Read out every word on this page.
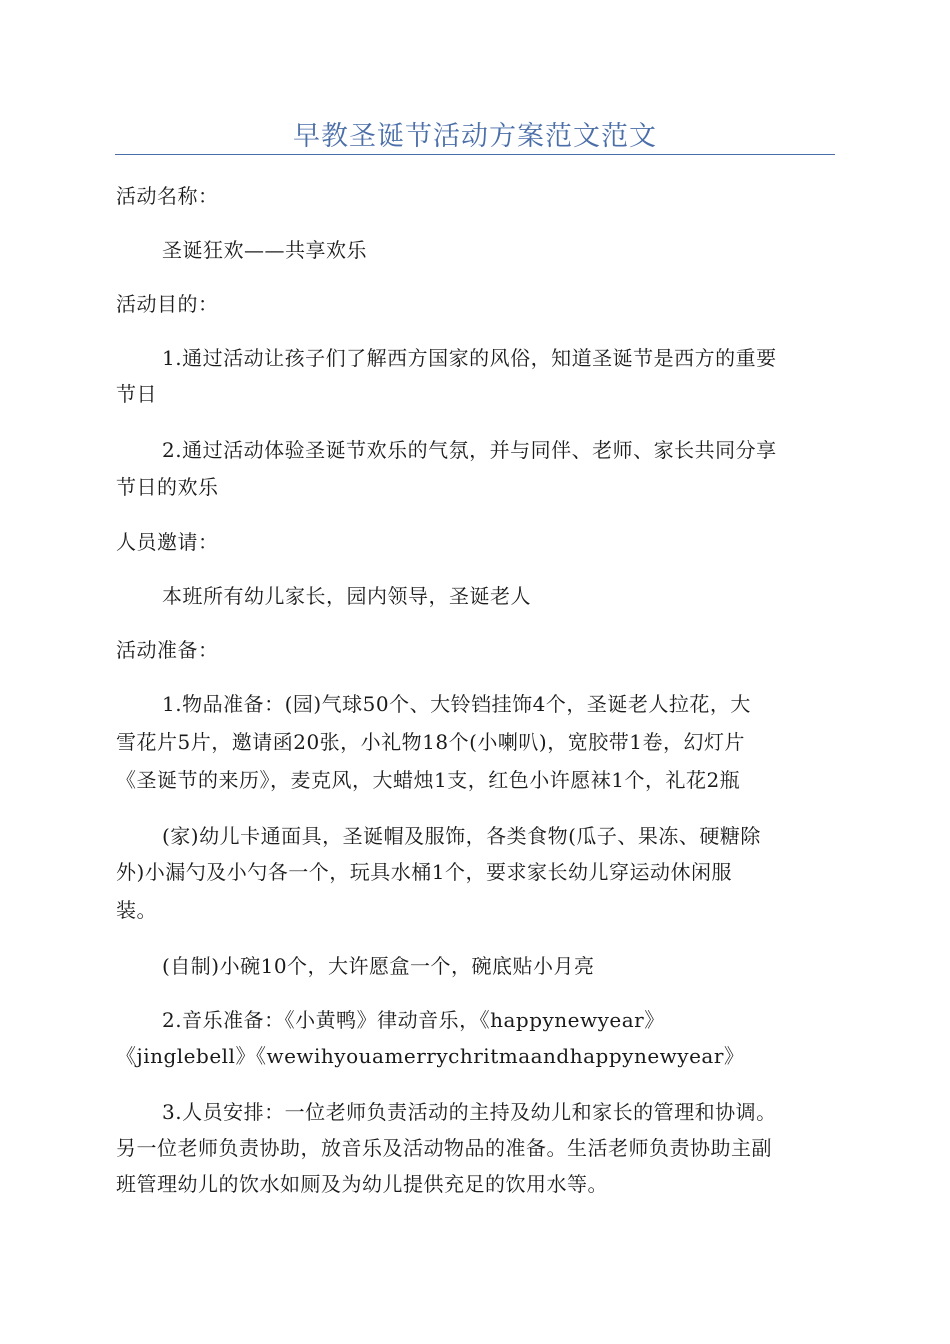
早教圣诞节活动方案范文范文
活动名称：
圣诞狂欢——共享欢乐
活动目的：
1.通过活动让孩子们了解西方国家的风俗，知道圣诞节是西方的重要
节日
2.通过活动体验圣诞节欢乐的气氛，并与同伴、老师、家长共同分享
节日的欢乐
人员邀请：
本班所有幼儿家长，园内领导，圣诞老人
活动准备：
1.物品准备：(园)气球50个、大铃铛挂饰4个，圣诞老人拉花，大
雪花片5片，邀请函20张，小礼物18个(小喇叭)，宽胶带1卷，幻灯片
《圣诞节的来历》，麦克风，大蜡烛1支，红色小许愿袜1个，礼花2瓶
(家)幼儿卡通面具，圣诞帽及服饰，各类食物(瓜子、果冻、硬糖除
外)小漏勺及小勺各一个，玩具水桶1个，要求家长幼儿穿运动休闲服
装。
(自制)小碗10个，大许愿盒一个，碗底贴小月亮
2.音乐准备：《小黄鸭》律动音乐，《happynewyear》
《jinglebell》《wewihyouamerrychritmaandhappynewyear》
3.人员安排：一位老师负责活动的主持及幼儿和家长的管理和协调。
另一位老师负责协助，放音乐及活动物品的准备。生活老师负责协助主副
班管理幼儿的饮水如厕及为幼儿提供充足的饮用水等。
